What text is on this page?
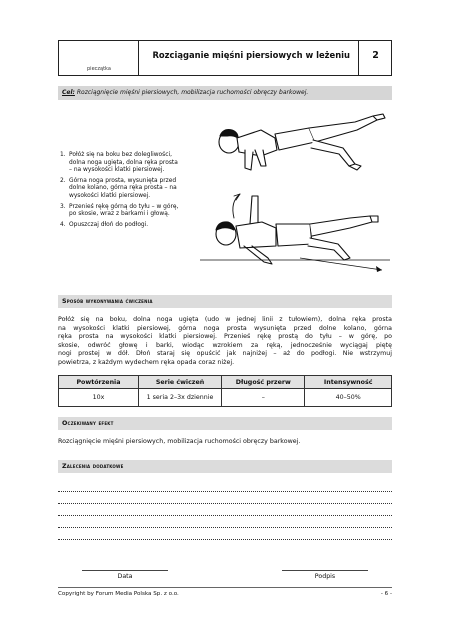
pieczątka
Rozciąganie mięśni piersiowych w leżeniu	2
Cel: Rozciągnięcie mięśni piersiowych, mobilizacja ruchomości obręczy barkowej.
1. Połóż się na boku bez dolegliwości,
dolna noga ugięta, dolna ręka prosta
– na wysokości klatki piersiowej.
2. Górna noga prosta, wysunięta przed
dolne kolano, górna ręka prosta – na
wysokości klatki piersiowej.
3. Przenieś rękę górną do tyłu – w górę,
po skosie, wraz z barkami i głową.
4. Opuszczaj dłoń do podłogi.
Sposób wykonywania ćwiczenia
Połóż się na boku, dolna noga ugięta (udo w jednej linii z tułowiem), dolna ręka prosta
na wysokości klatki piersiowej, górna noga prosta wysunięta przed dolne kolano, górna
ręka prosta na wysokości klatki piersiowej. Przenieś rękę prostą do tyłu – w górę, po
skosie, odwróć głowę i barki, wiodąc wzrokiem za ręką, jednocześnie wyciągaj piętę
nogi prostej w dół. Dłoń staraj się opuścić jak najniżej – aż do podłogi. Nie wstrzymuj
powietrza, z każdym wydechem ręka opada coraz niżej.
Powtórzenia	Serie ćwiczeń	Długość przerw	Intensywność
10x	1 seria 2–3x dziennie	–	40–50%
Oczekiwany efekt
Rozciągnięcie mięśni piersiowych, mobilizacja ruchomości obręczy barkowej.
Zalecenia dodatkowe
Data	Podpis
Copyright by Forum Media Polska Sp. z o.o.	- 6 -
